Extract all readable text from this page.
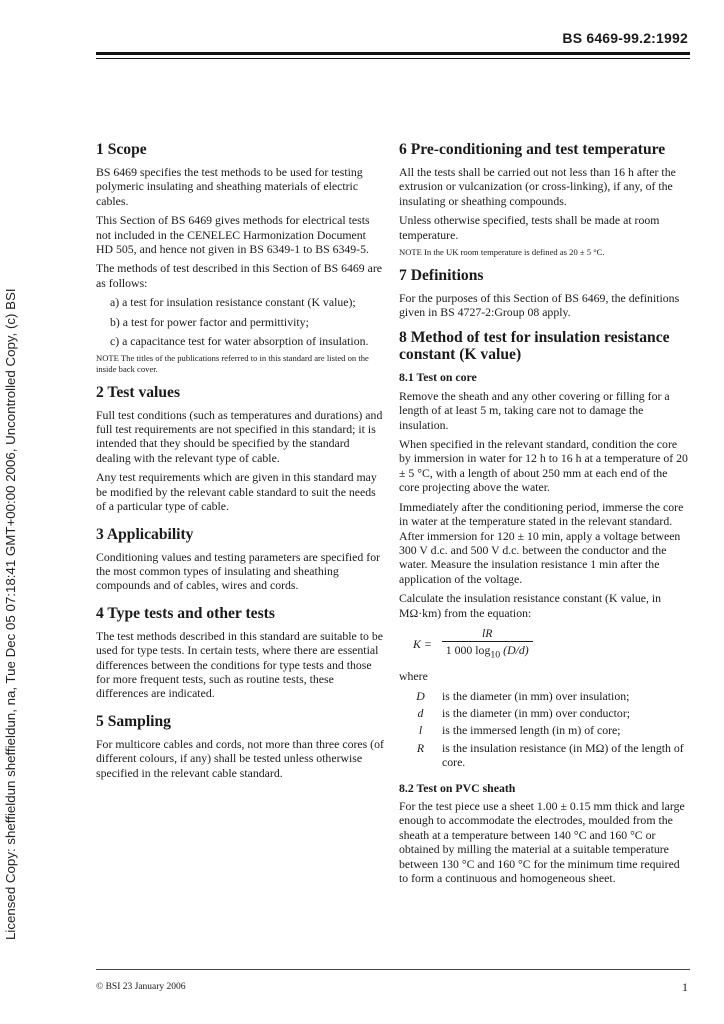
BS 6469-99.2:1992
Licensed Copy: sheffieldun sheffieldun, na, Tue Dec 05 07:18:41 GMT+00:00 2006, Uncontrolled Copy, (c) BSI
1 Scope

BS 6469 specifies the test methods to be used for testing polymeric insulating and sheathing materials of electric cables.

This Section of BS 6469 gives methods for electrical tests not included in the CENELEC Harmonization Document HD 505, and hence not given in BS 6349-1 to BS 6349-5.

The methods of test described in this Section of BS 6469 are as follows:

a) a test for insulation resistance constant (K value);

b) a test for power factor and permittivity;

c) a capacitance test for water absorption of insulation.

NOTE The titles of the publications referred to in this standard are listed on the inside back cover.

2 Test values

Full test conditions (such as temperatures and durations) and full test requirements are not specified in this standard; it is intended that they should be specified by the standard dealing with the relevant type of cable.

Any test requirements which are given in this standard may be modified by the relevant cable standard to suit the needs of a particular type of cable.

3 Applicability

Conditioning values and testing parameters are specified for the most common types of insulating and sheathing compounds and of cables, wires and cords.

4 Type tests and other tests

The test methods described in this standard are suitable to be used for type tests. In certain tests, where there are essential differences between the conditions for type tests and those for more frequent tests, such as routine tests, these differences are indicated.

5 Sampling

For multicore cables and cords, not more than three cores (of different colours, if any) shall be tested unless otherwise specified in the relevant cable standard.

6 Pre-conditioning and test temperature

All the tests shall be carried out not less than 16 h after the extrusion or vulcanization (or cross-linking), if any, of the insulating or sheathing compounds.

Unless otherwise specified, tests shall be made at room temperature.

NOTE In the UK room temperature is defined as 20 ± 5 °C.

7 Definitions

For the purposes of this Section of BS 6469, the definitions given in BS 4727-2:Group 08 apply.

8 Method of test for insulation resistance constant (K value)
8.1 Test on core

Remove the sheath and any other covering or filling for a length of at least 5 m, taking care not to damage the insulation.

When specified in the relevant standard, condition the core by immersion in water for 12 h to 16 h at a temperature of 20 ± 5 °C, with a length of about 250 mm at each end of the core projecting above the water.

Immediately after the conditioning period, immerse the core in water at the temperature stated in the relevant standard. After immersion for 120 ± 10 min, apply a voltage between 300 V d.c. and 500 V d.c. between the conductor and the water. Measure the insulation resistance 1 min after the application of the voltage.

Calculate the insulation resistance constant (K value, in MΩ·km) from the equation:

$K = \frac{lR}{1 000 \log_{10} (D/d)}$

where

D	is the diameter (in mm) over insulation;
d	is the diameter (in mm) over conductor;
l	is the immersed length (in m) of core;
R	is the insulation resistance (in MΩ) of the length of core.
8.2 Test on PVC sheath

For the test piece use a sheet 1.00 ± 0.15 mm thick and large enough to accommodate the electrodes, moulded from the sheath at a temperature between 140 °C and 160 °C or obtained by milling the material at a suitable temperature between 130 °C and 160 °C for the minimum time required to form a continuous and homogeneous sheet.

© BSI 23 January 2006	1
